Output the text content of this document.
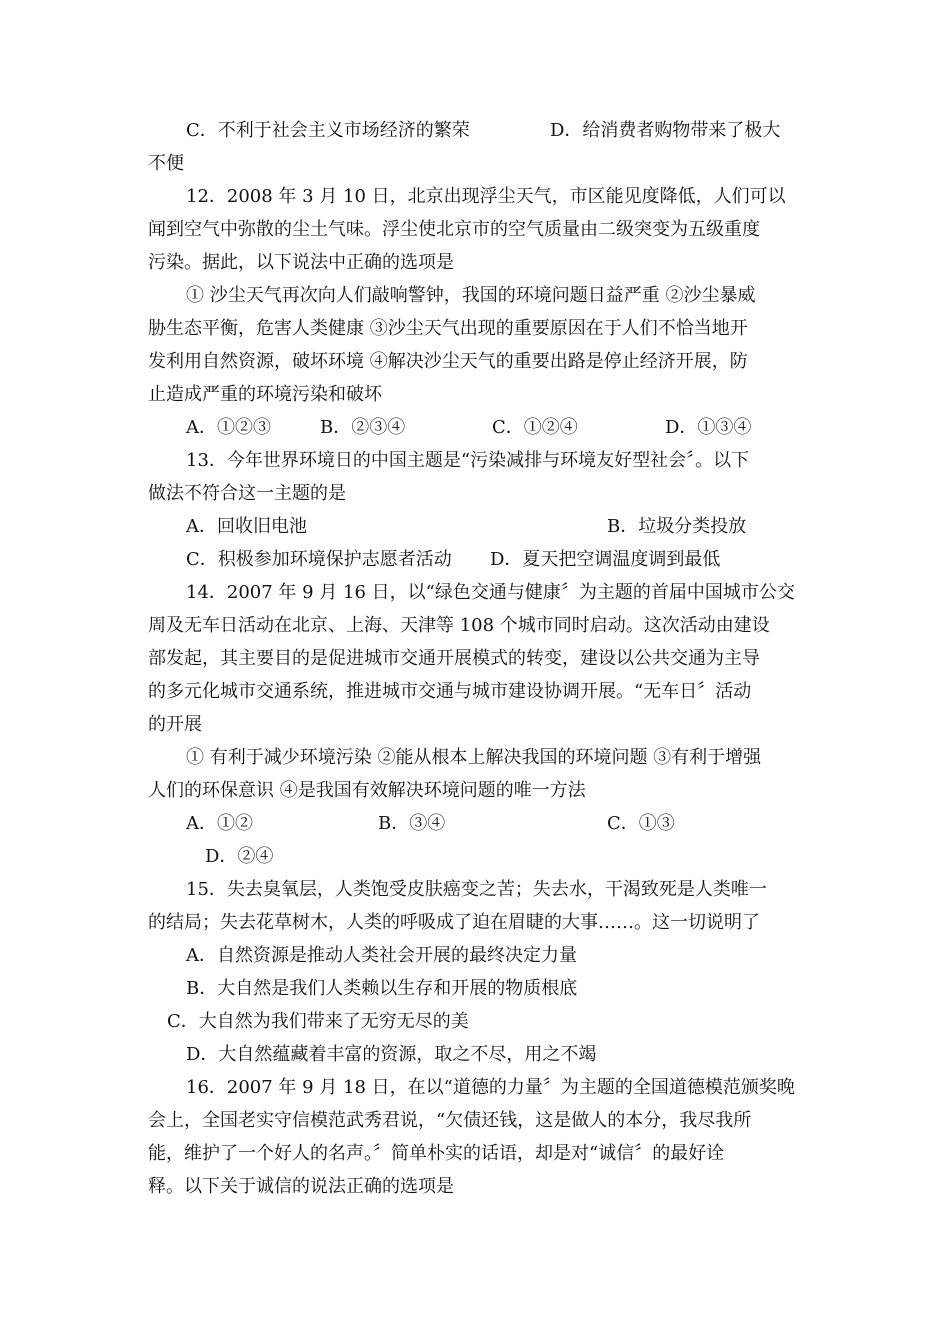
C．不利于社会主义市场经济的繁荣	D．给消费者购物带来了极大
不便
12．2008 年 3 月 10 日，北京出现浮尘天气，市区能见度降低，人们可以
闻到空气中弥散的尘土气味。浮尘使北京市的空气质量由二级突变为五级重度
污染。据此，以下说法中正确的选项是
① 沙尘天气再次向人们敲响警钟，我国的环境问题日益严重 ②沙尘暴威
胁生态平衡，危害人类健康 ③沙尘天气出现的重要原因在于人们不恰当地开
发利用自然资源，破坏环境 ④解决沙尘天气的重要出路是停止经济开展，防
止造成严重的环境污染和破坏
A．①②③	B．②③④	C．①②④	D．①③④
13．今年世界环境日的中国主题是“污染减排与环境友好型社会〞。以下
做法不符合这一主题的是
A．回收旧电池	B．垃圾分类投放
C．积极参加环境保护志愿者活动 D．夏天把空调温度调到最低
14．2007 年 9 月 16 日，以“绿色交通与健康〞为主题的首届中国城市公交
周及无车日活动在北京、上海、天津等 108 个城市同时启动。这次活动由建设
部发起，其主要目的是促进城市交通开展模式的转变，建设以公共交通为主导
的多元化城市交通系统，推进城市交通与城市建设协调开展。“无车日〞活动
的开展
① 有利于减少环境污染 ②能从根本上解决我国的环境问题 ③有利于增强
人们的环保意识 ④是我国有效解决环境问题的唯一方法
A．①②	B．③④	C．①③
D．②④
15．失去臭氧层，人类饱受皮肤癌变之苦；失去水，干渴致死是人类唯一
的结局；失去花草树木，人类的呼吸成了迫在眉睫的大事……。这一切说明了
A．自然资源是推动人类社会开展的最终决定力量
B．大自然是我们人类赖以生存和开展的物质根底
C．大自然为我们带来了无穷无尽的美
D．大自然蕴藏着丰富的资源，取之不尽，用之不竭
16．2007 年 9 月 18 日，在以“道德的力量〞为主题的全国道德模范颁奖晚
会上，全国老实守信模范武秀君说，“欠债还钱，这是做人的本分，我尽我所
能，维护了一个好人的名声。〞简单朴实的话语，却是对“诚信〞的最好诠
释。以下关于诚信的说法正确的选项是
